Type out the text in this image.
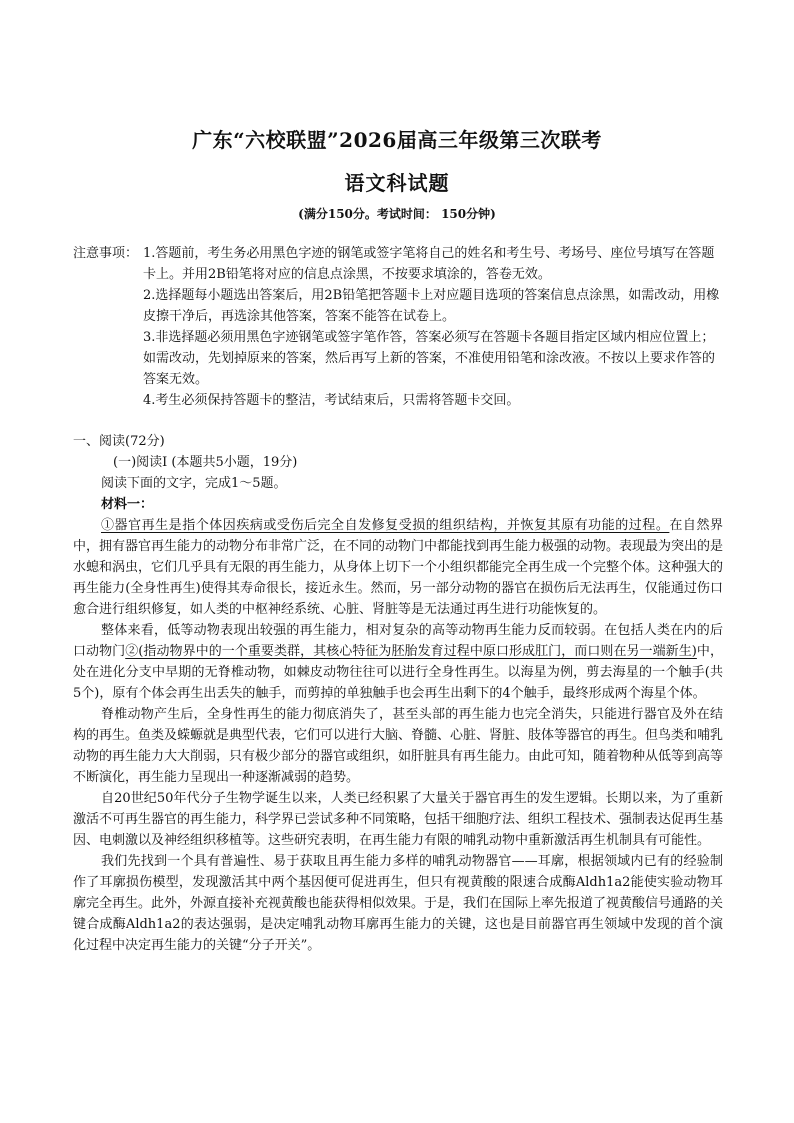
广东“六校联盟”2026届高三年级第三次联考
语文科试题
(满分150分。考试时间： 150分钟)
注意事项： 1.答题前，考生务必用黑色字迹的钢笔或签字笔将自己的姓名和考生号、考场号、座位号填写在答题卡上。并用2B铅笔将对应的信息点涂黑，不按要求填涂的，答卷无效。

2.选择题每小题选出答案后，用2B铅笔把答题卡上对应题目选项的答案信息点涂黑，如需改动，用橡皮擦干净后，再选涂其他答案，答案不能答在试卷上。

3.非选择题必须用黑色字迹钢笔或签字笔作答，答案必须写在答题卡各题目指定区域内相应位置上；如需改动，先划掉原来的答案，然后再写上新的答案，不准使用铅笔和涂改液。不按以上要求作答的答案无效。

4.考生必须保持答题卡的整洁，考试结束后，只需将答题卡交回。

一、阅读(72分)

(一)阅读Ⅰ (本题共5小题，19分)

阅读下面的文字，完成1～5题。

材料一：

①器官再生是指个体因疾病或受伤后完全自发修复受损的组织结构，并恢复其原有功能的过程。在自然界中，拥有器官再生能力的动物分布非常广泛，在不同的动物门中都能找到再生能力极强的动物。表现最为突出的是水螅和涡虫，它们几乎具有无限的再生能力，从身体上切下一个小组织都能完全再生成一个完整个体。这种强大的再生能力(全身性再生)使得其寿命很长，接近永生。然而，另一部分动物的器官在损伤后无法再生，仅能通过伤口愈合进行组织修复，如人类的中枢神经系统、心脏、肾脏等是无法通过再生进行功能恢复的。

整体来看，低等动物表现出较强的再生能力，相对复杂的高等动物再生能力反而较弱。在包括人类在内的后口动物门②(指动物界中的一个重要类群，其核心特征为胚胎发育过程中原口形成肛门，而口则在另一端新生)中，处在进化分支中早期的无脊椎动物，如棘皮动物往往可以进行全身性再生。以海星为例，剪去海星的一个触手(共5个)，原有个体会再生出丢失的触手，而剪掉的单独触手也会再生出剩下的4个触手，最终形成两个海星个体。

脊椎动物产生后，全身性再生的能力彻底消失了，甚至头部的再生能力也完全消失，只能进行器官及外在结构的再生。鱼类及蝾螈就是典型代表，它们可以进行大脑、脊髓、心脏、肾脏、肢体等器官的再生。但鸟类和哺乳动物的再生能力大大削弱，只有极少部分的器官或组织，如肝脏具有再生能力。由此可知，随着物种从低等到高等不断演化，再生能力呈现出一种逐渐减弱的趋势。

自20世纪50年代分子生物学诞生以来，人类已经积累了大量关于器官再生的发生逻辑。长期以来，为了重新激活不可再生器官的再生能力，科学界已尝试多种不同策略，包括干细胞疗法、组织工程技术、强制表达促再生基因、电刺激以及神经组织移植等。这些研究表明，在再生能力有限的哺乳动物中重新激活再生机制具有可能性。

我们先找到一个具有普遍性、易于获取且再生能力多样的哺乳动物器官——耳廓，根据领域内已有的经验制作了耳廓损伤模型，发现激活其中两个基因便可促进再生，但只有视黄酸的限速合成酶Aldh1a2能使实验动物耳廓完全再生。此外，外源直接补充视黄酸也能获得相似效果。于是，我们在国际上率先报道了视黄酸信号通路的关键合成酶Aldh1a2的表达强弱，是决定哺乳动物耳廓再生能力的关键，这也是目前器官再生领域中发现的首个演化过程中决定再生能力的关键“分子开关”。
